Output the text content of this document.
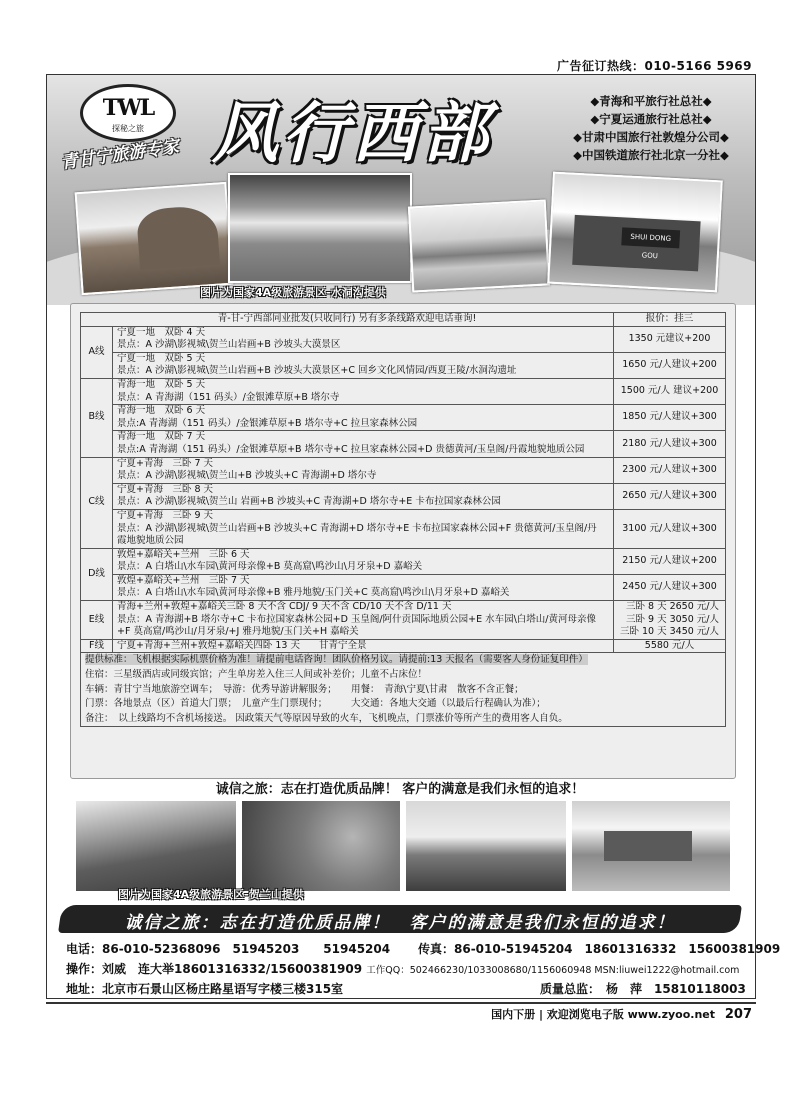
广告征订热线：010-5166 5969
TWL
探秘之旅
青甘宁旅游专家 风行西部	◆青海和平旅行社总社◆
◆宁夏运通旅行社总社◆
◆甘肃中国旅行社敦煌分公司◆
◆中国铁道旅行社北京一分社◆
SHUI DONG GOU
图片为国家4A级旅游景区-水洞沟提供
青-甘-宁西部同业批发(只收同行) 另有多条线路欢迎电话垂询!		报价：挂三
A线	宁夏一地　双卧 4 天
景点：A 沙湖\影视城\贺兰山岩画+B 沙坡头大漠景区	1350 元建议+200

	宁夏一地　双卧 5 天
景点：A 沙湖\影视城\贺兰山岩画+B 沙坡头大漠景区+C 回乡文化风情园/西夏王陵/水洞沟遗址	1650 元/人建议+200
B线	青海一地　双卧 5 天
景点：A 青海湖（151 码头）/金银滩草原+B 塔尔寺	1500 元/人 建议+200

	青海一地　双卧 6 天
景点:A 青海湖（151 码头）/金银滩草原+B 塔尔寺+C 拉旦家森林公园	1850 元/人建议+300

	青海一地　双卧 7 天
景点:A 青海湖（151 码头）/金银滩草原+B 塔尔寺+C 拉旦家森林公园+D 贵德黄河/玉皇阁/丹霞地貌地质公园	2180 元/人建议+300
C线	宁夏+青海　三卧 7 天
景点：A 沙湖\影视城\贺兰山+B 沙坡头+C 青海湖+D 塔尔寺	2300 元/人建议+300

	宁夏+青海　三卧 8 天
景点：A 沙湖\影视城\贺兰山 岩画+B 沙坡头+C 青海湖+D 塔尔寺+E 卡布拉国家森林公园	2650 元/人建议+300

	宁夏+青海　三卧 9 天
景点：A 沙湖\影视城\贺兰山岩画+B 沙坡头+C 青海湖+D 塔尔寺+E 卡布拉国家森林公园+F 贵德黄河/玉皇阁/丹
霞地貌地质公园	3100 元/人建议+300
D线	敦煌+嘉峪关+兰州　三卧 6 天
景点：A 白塔山\水车园\黄河母亲像+B 莫高窟\鸣沙山\月牙泉+D 嘉峪关	2150 元/人建议+200

	敦煌+嘉峪关+兰州　三卧 7 天
景点：A 白塔山\水车园\黄河母亲像+B 雅丹地貌/玉门关+C 莫高窟\鸣沙山\月牙泉+D 嘉峪关	2450 元/人建议+300
E线	青海+兰州+敦煌+嘉峪关三卧 8 天不含 CDJ/ 9 天不含 CD/10 天不含 D/11 天
景点：A 青海湖+B 塔尔寺+C 卡布拉国家森林公园+D 玉皇阁/阿什贡国际地质公园+E 水车园\白塔山/黄河母亲像
+F 莫高窟/鸣沙山/月牙泉/+J 雅丹地貌/玉门关+H 嘉峪关	三卧 8 天 2650 元/人
三卧 9 天 3050 元/人
三卧 10 天 3450 元/人

F线	宁夏+青海+兰州+敦煌+嘉峪关四卧 13 天　　甘青宁全景	5580 元/人
提供标准：飞机根据实际机票价格为准！请提前电话咨询！团队价格另议。请提前:13 天报名（需要客人身份证复印件）		
住宿：三星级酒店或同级宾馆；产生单房差入住三人间或补差价；儿童不占床位！		
车辆：青甘宁当地旅游空调车；　导游：优秀导游讲解服务；　　用餐：　青海\宁夏\甘肃　散客不含正餐；		
门票：各地景点（区）首道大门票；　儿童产生门票现付；　　　大交通：各地大交通（以最后行程确认为准）；		
备注：　以上线路均不含机场接送。 因政策天气等原因导致的火车，飞机晚点，门票涨价等所产生的费用客人自负。		
诚信之旅：志在打造优质品牌！ 客户的满意是我们永恒的追求！
图片为国家4A级旅游景区-贺兰山提供
诚信之旅：志在打造优质品牌！　客户的满意是我们永恒的追求！
电话：86-010-52368096　51945203　　51945204 传真：86-010-51945204　18601316332　15600381909
操作：刘威　连大举18601316332/15600381909 工作QQ：502466230/1033008680/1156060948 MSN:liuwei1222@hotmail.com
地址：北京市石景山区杨庄路星语写字楼三楼315室	质量总监：　杨　萍　15810118003
国内下册 | 欢迎浏览电子版 www.zyoo.net 207
